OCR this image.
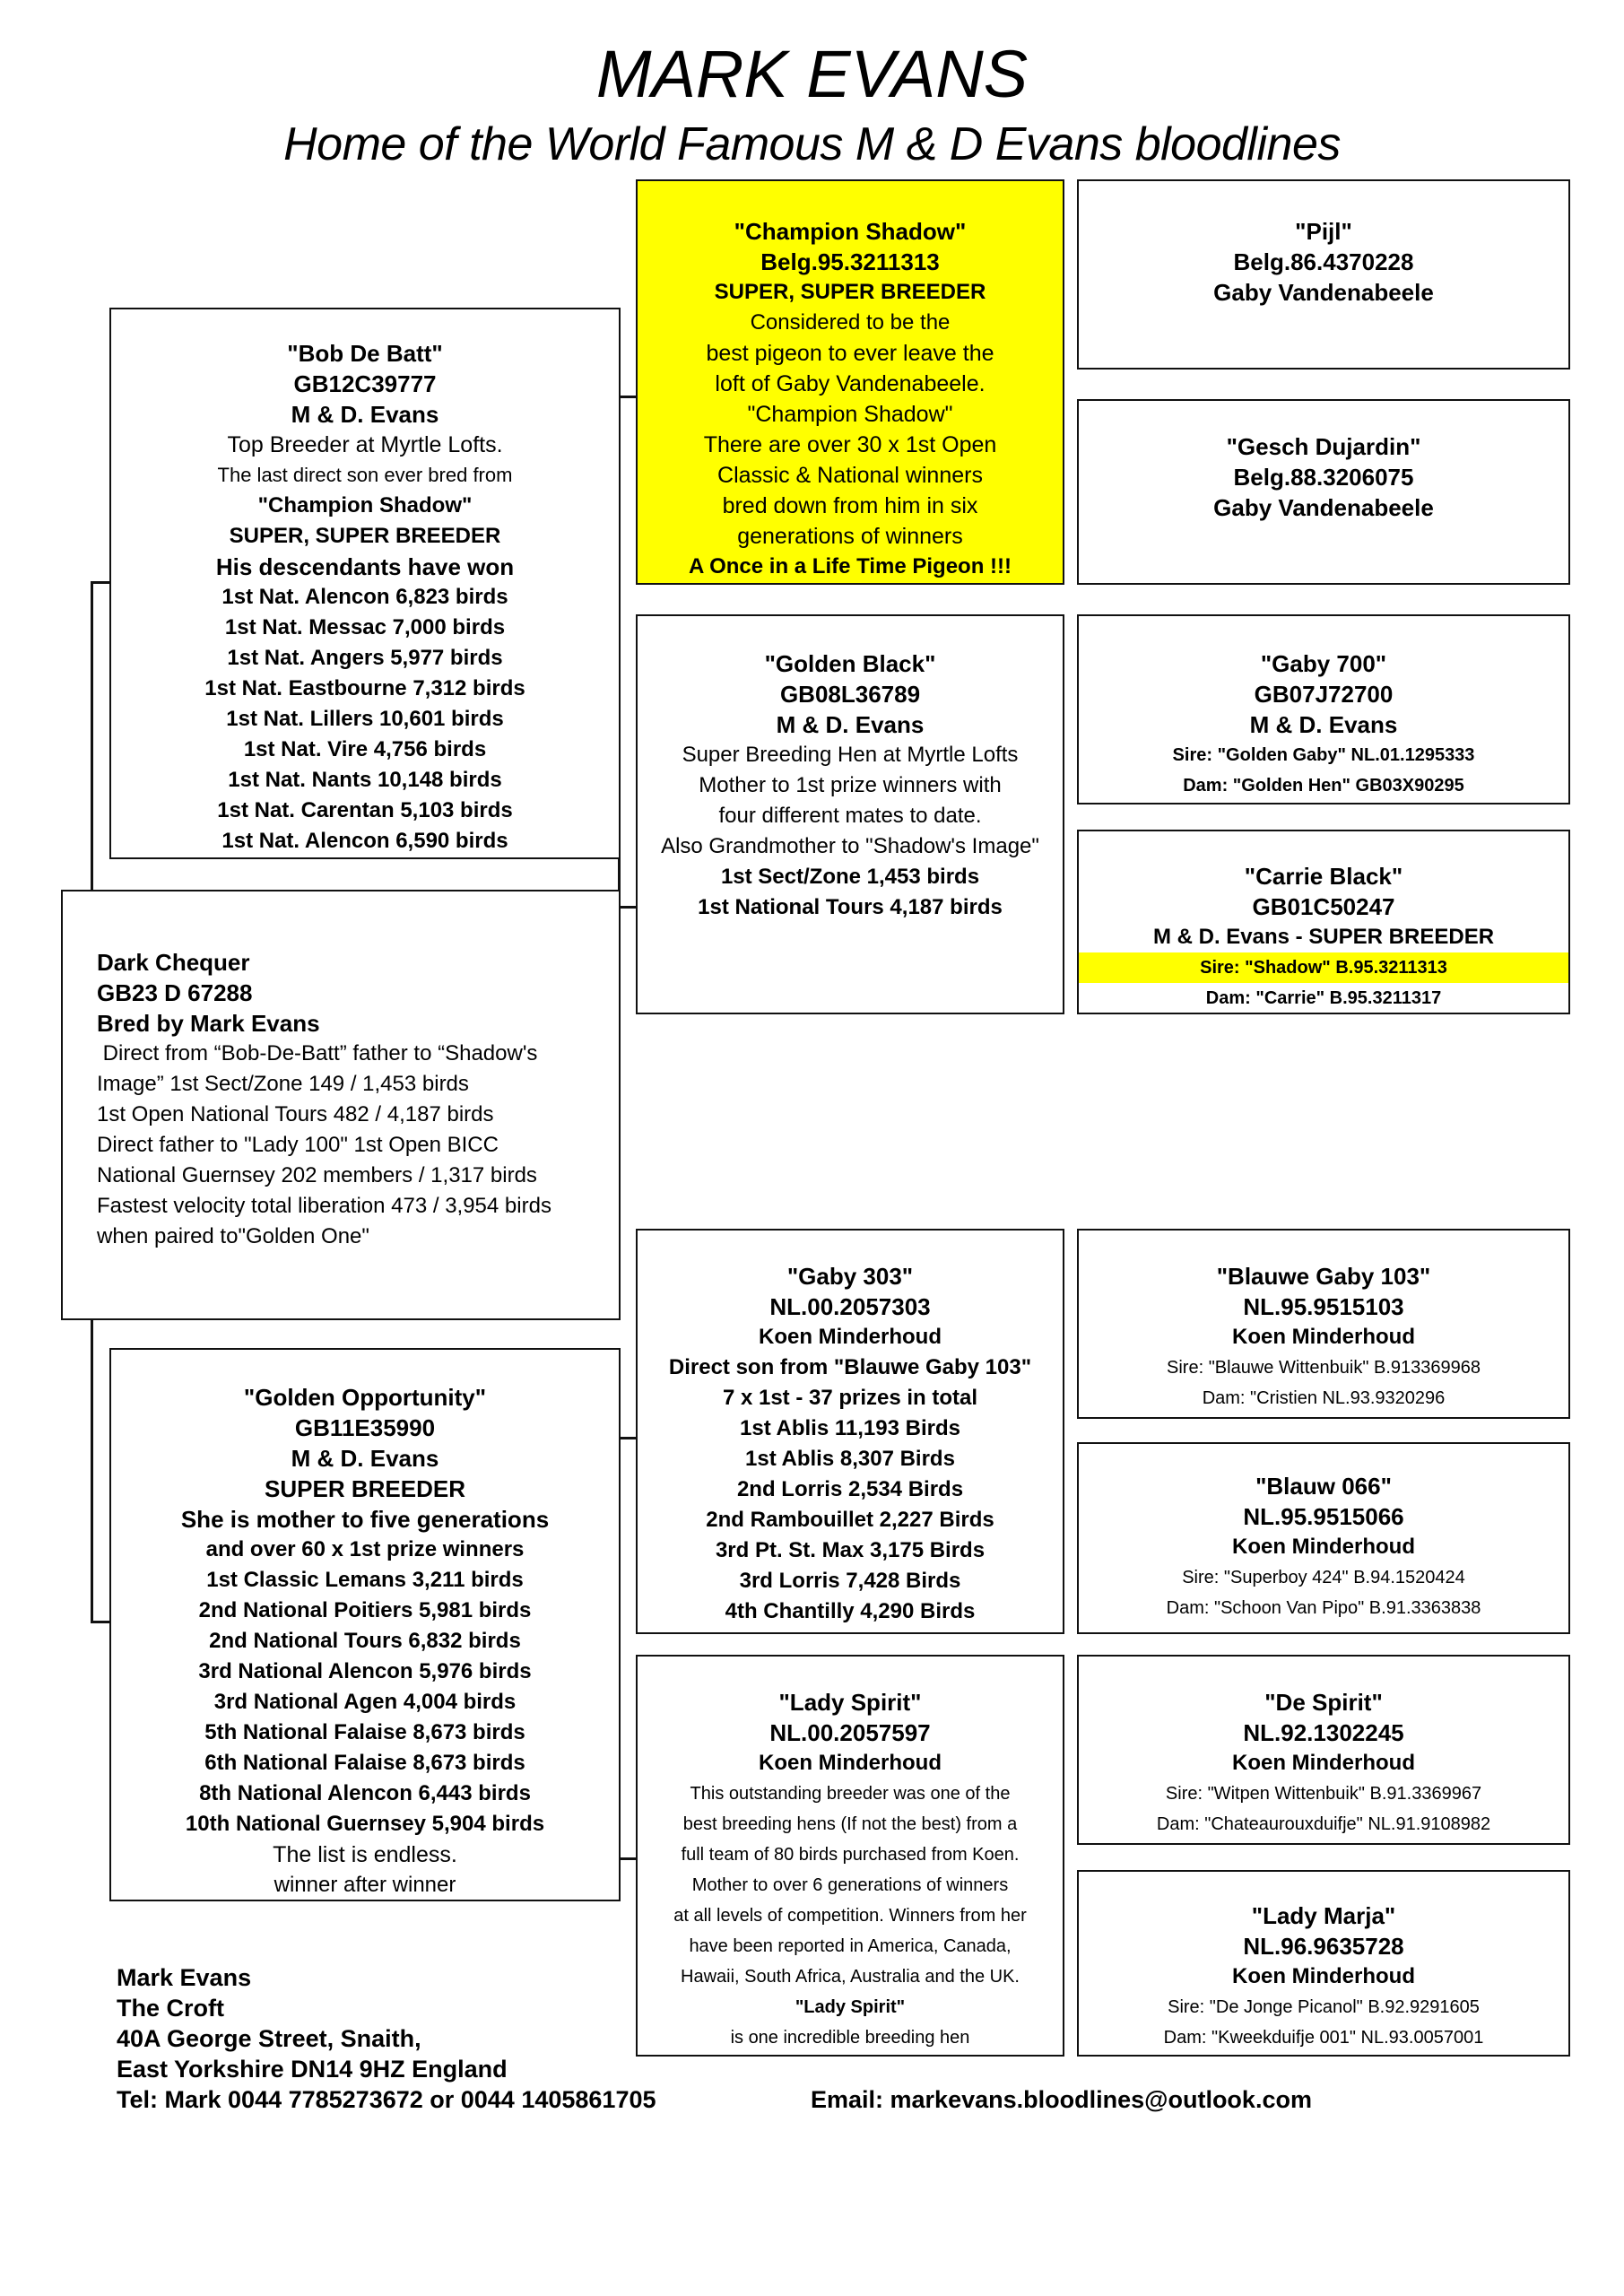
MARK EVANS
Home of the World Famous M & D Evans bloodlines
"Bob De Batt"
GB12C39777
M & D. Evans
Top Breeder at Myrtle Lofts.
The last direct son ever bred from
"Champion Shadow"
SUPER, SUPER BREEDER
His descendants have won
1st Nat. Alencon 6,823 birds
1st Nat. Messac 7,000 birds
1st Nat. Angers 5,977 birds
1st Nat. Eastbourne 7,312 birds
1st Nat. Lillers 10,601 birds
1st Nat. Vire 4,756 birds
1st Nat. Nants 10,148 birds
1st Nat. Carentan 5,103 birds
1st Nat. Alencon 6,590 birds
Dark Chequer
GB23 D 67288
Bred by Mark Evans
Direct from “Bob-De-Batt” father to “Shadow's
Image” 1st Sect/Zone 149 / 1,453 birds
1st Open National Tours 482 / 4,187 birds
Direct father to "Lady 100" 1st Open BICC
National Guernsey 202 members / 1,317 birds
Fastest velocity total liberation 473 / 3,954 birds
when paired to"Golden One"
"Golden Opportunity"
GB11E35990
M & D. Evans
SUPER BREEDER
She is mother to five generations
and over 60 x 1st prize winners
1st Classic Lemans 3,211 birds
2nd National Poitiers 5,981 birds
2nd National Tours 6,832 birds
3rd National Alencon 5,976 birds
3rd National Agen 4,004 birds
5th National Falaise 8,673 birds
6th National Falaise 8,673 birds
8th National Alencon 6,443 birds
10th National Guernsey 5,904 birds
The list is endless.
winner after winner
"Champion Shadow"
Belg.95.3211313
SUPER, SUPER BREEDER
Considered to be the
best pigeon to ever leave the
loft of Gaby Vandenabeele.
"Champion Shadow"
There are over 30 x 1st Open
Classic & National winners
bred down from him in six
generations of winners
A Once in a Life Time Pigeon !!!
"Golden Black"
GB08L36789
M & D. Evans
Super Breeding Hen at Myrtle Lofts
Mother to 1st prize winners with
four different mates to date.
Also Grandmother to "Shadow's Image"
1st Sect/Zone 1,453 birds
1st National Tours 4,187 birds
"Gaby 303"
NL.00.2057303
Koen Minderhoud
Direct son from "Blauwe Gaby 103"
7 x 1st - 37 prizes in total
1st Ablis 11,193 Birds
1st Ablis 8,307 Birds
2nd Lorris 2,534 Birds
2nd Rambouillet 2,227 Birds
3rd Pt. St. Max 3,175 Birds
3rd Lorris 7,428 Birds
4th Chantilly 4,290 Birds
"Lady Spirit"
NL.00.2057597
Koen Minderhoud
This outstanding breeder was one of the
best breeding hens (If not the best) from a
full team of 80 birds purchased from Koen.
Mother to over 6 generations of winners
at all levels of competition. Winners from her
have been reported in America, Canada,
Hawaii, South Africa, Australia and the UK.
"Lady Spirit"
is one incredible breeding hen
"Pijl"
Belg.86.4370228
Gaby Vandenabeele
"Gesch Dujardin"
Belg.88.3206075
Gaby Vandenabeele
"Gaby 700"
GB07J72700
M & D. Evans
Sire: "Golden Gaby" NL.01.1295333
Dam: "Golden Hen" GB03X90295
"Carrie Black"
GB01C50247
M & D. Evans - SUPER BREEDER
Sire: "Shadow" B.95.3211313
Dam: "Carrie" B.95.3211317
"Blauwe Gaby 103"
NL.95.9515103
Koen Minderhoud
Sire: "Blauwe Wittenbuik" B.913369968
Dam: "Cristien NL.93.9320296
"Blauw 066"
NL.95.9515066
Koen Minderhoud
Sire: "Superboy 424" B.94.1520424
Dam: "Schoon Van Pipo" B.91.3363838
"De Spirit"
NL.92.1302245
Koen Minderhoud
Sire: "Witpen Wittenbuik" B.91.3369967
Dam: "Chateaurouxduifje" NL.91.9108982
"Lady Marja"
NL.96.9635728
Koen Minderhoud
Sire: "De Jonge Picanol" B.92.9291605
Dam: "Kweekduifje 001" NL.93.0057001
Mark Evans
The Croft
40A George Street, Snaith,
East Yorkshire DN14 9HZ England
Tel: Mark 0044 7785273672 or 0044 1405861705	Email: markevans.bloodlines@outlook.com
